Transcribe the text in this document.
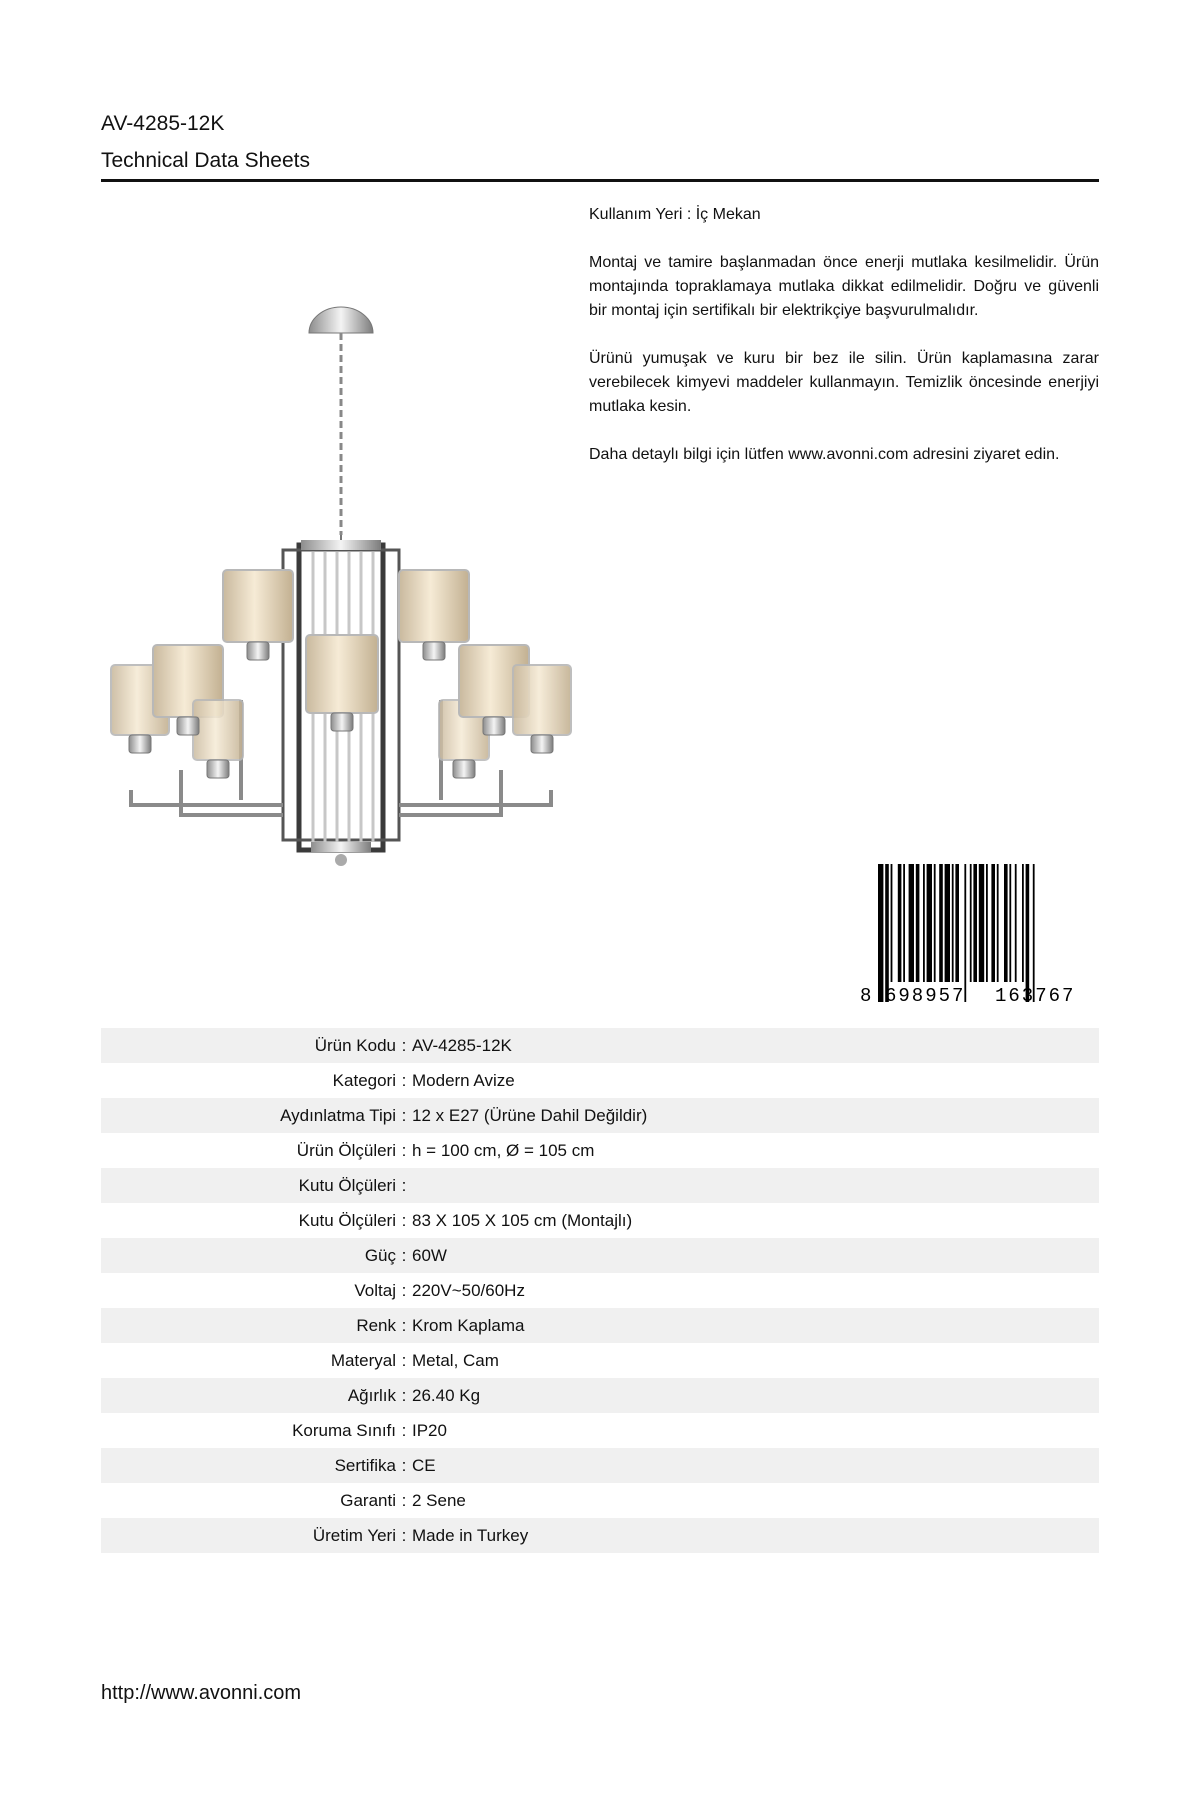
AV-4285-12K
Technical Data Sheets

Kullanım Yeri : İç Mekan

Montaj ve tamire başlanmadan önce enerji mutlaka kesilmelidir. Ürün montajında topraklamaya mutlaka dikkat edilmelidir. Doğru ve güvenli bir montaj için sertifikalı bir elektrikçiye başvurulmalıdır.

Ürünü yumuşak ve kuru bir bez ile silin. Ürün kaplamasına zarar verebilecek kimyevi maddeler kullanmayın. Temizlik öncesinde enerjiyi mutlaka kesin.

Daha detaylı bilgi için lütfen www.avonni.com adresini ziyaret edin.

8 698957 163767
Ürün Kodu	:	AV-4285-12K
Kategori	:	Modern Avize
Aydınlatma Tipi	:	12 x E27 (Ürüne Dahil Değildir)
Ürün Ölçüleri	:	h = 100 cm, Ø = 105 cm
Kutu Ölçüleri	:	
Kutu Ölçüleri	:	83 X 105 X 105 cm (Montajlı)
Güç	:	60W
Voltaj	:	220V~50/60Hz
Renk	:	Krom Kaplama
Materyal	:	Metal, Cam
Ağırlık	:	26.40 Kg
Koruma Sınıfı	:	IP20
Sertifika	:	CE
Garanti	:	2 Sene
Üretim Yeri	:	Made in Turkey
http://www.avonni.com
